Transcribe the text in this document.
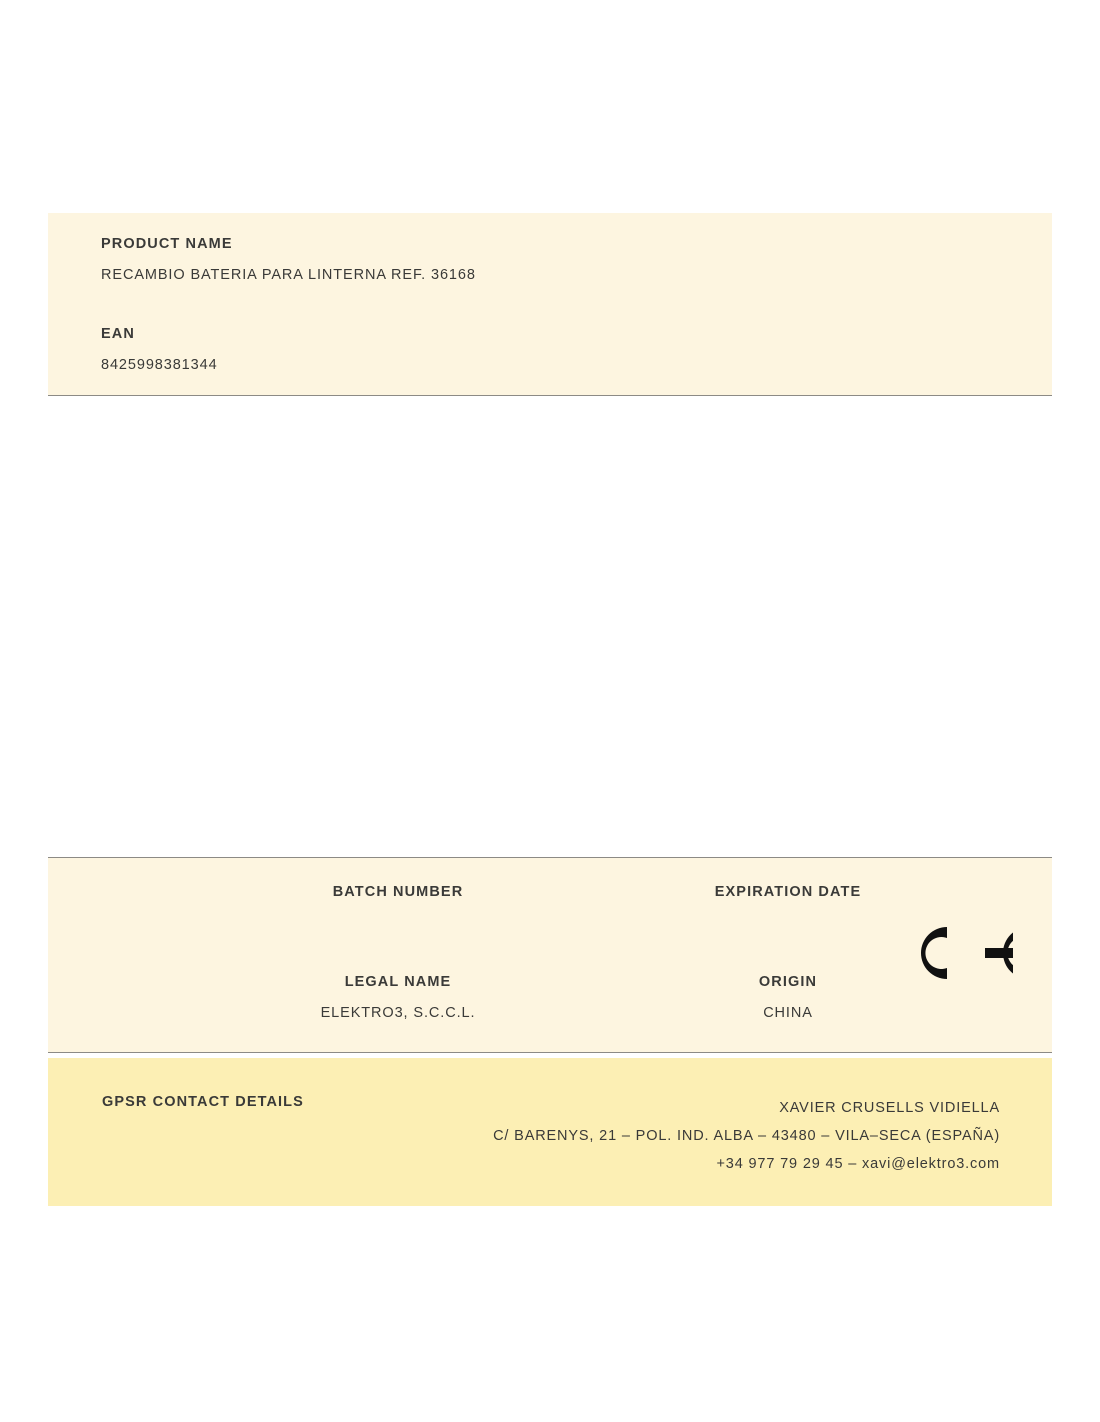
PRODUCT NAME
RECAMBIO BATERIA PARA LINTERNA REF. 36168
EAN
8425998381344
BATCH NUMBER	EXPIRATION DATE
LEGAL NAME
ELEKTRO3, S.C.C.L.
ORIGIN
CHINA
GPSR CONTACT DETAILS	XAVIER CRUSELLS VIDIELLA
C/ BARENYS, 21 – POL. IND. ALBA – 43480 – VILA–SECA (ESPAÑA)
+34 977 79 29 45 – xavi@elektro3.com
